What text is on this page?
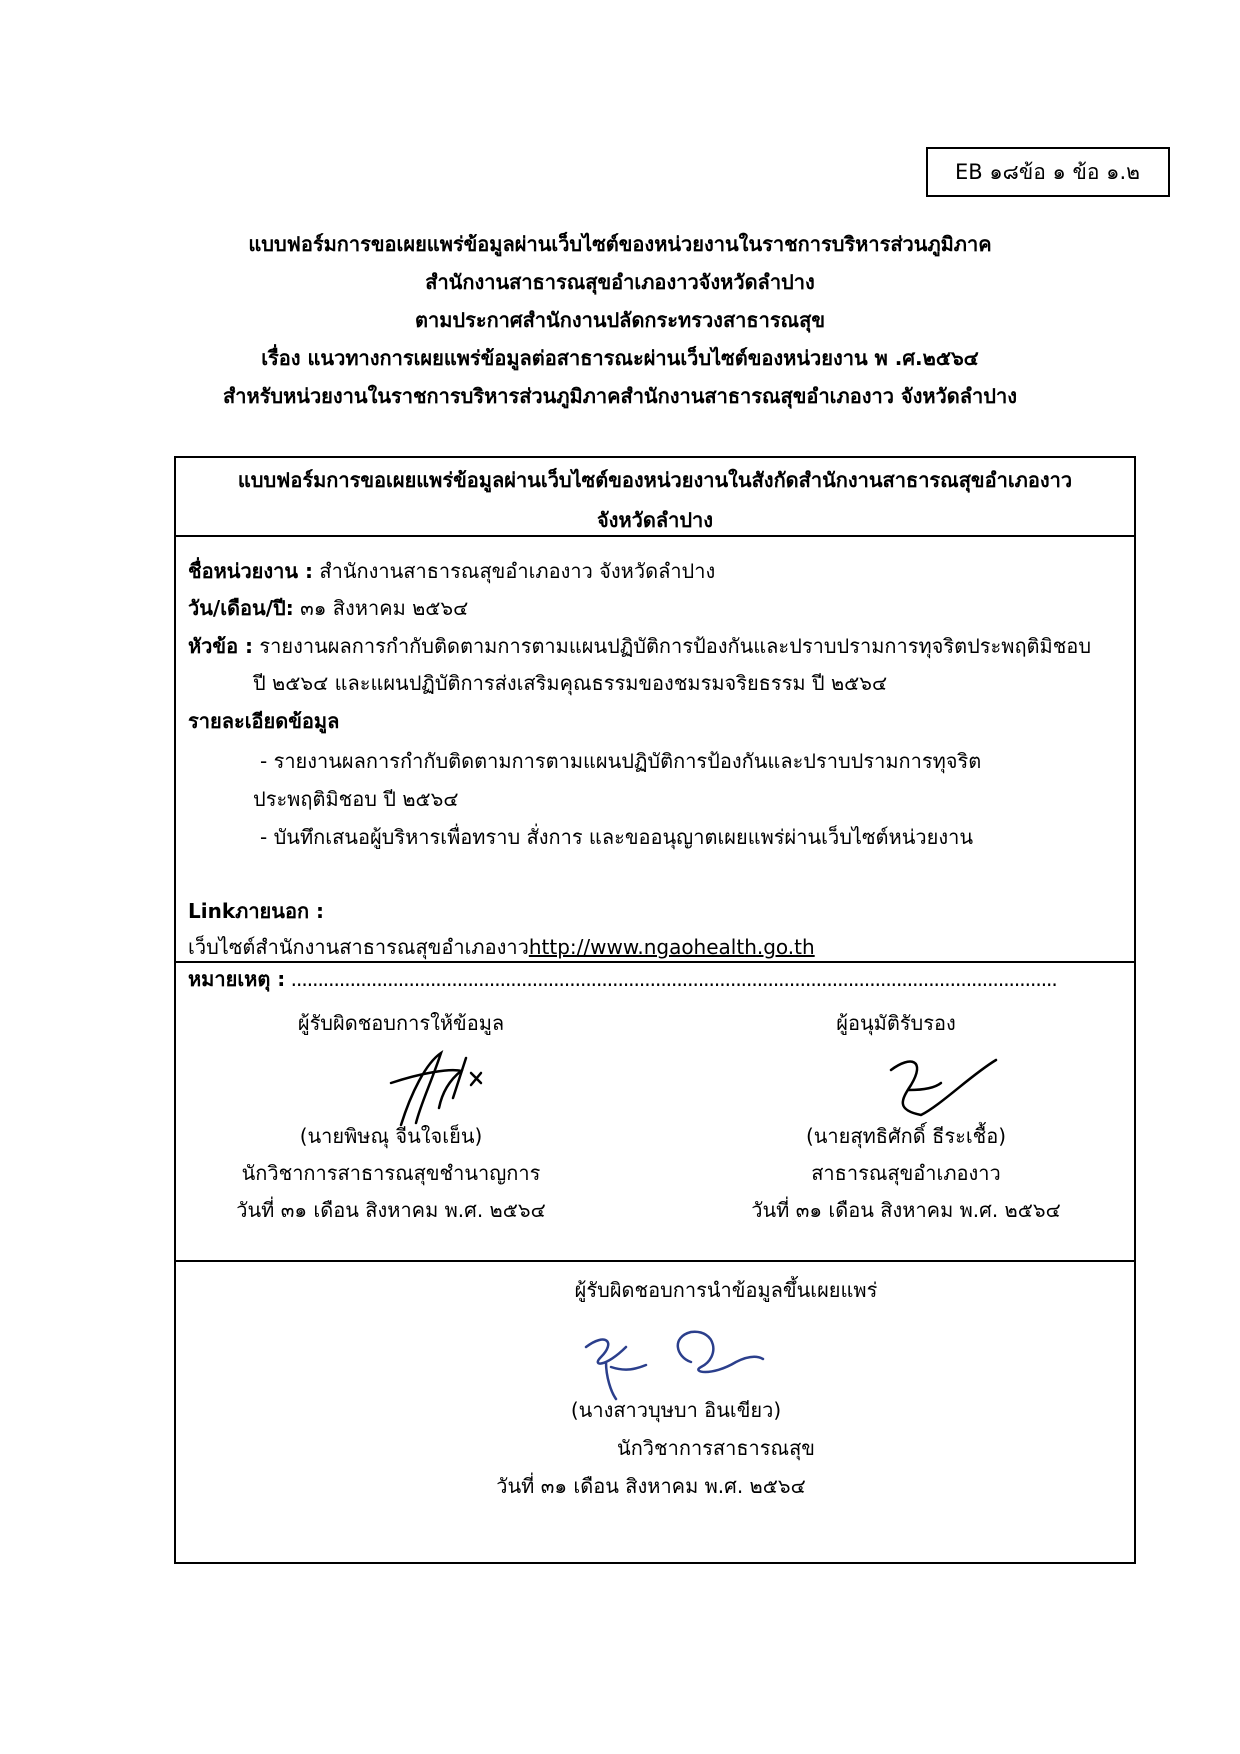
EB ๑๘ข้อ ๑ ข้อ ๑.๒
แบบฟอร์มการขอเผยแพร่ข้อมูลผ่านเว็บไซต์ของหน่วยงานในราชการบริหารส่วนภูมิภาค
สำนักงานสาธารณสุขอำเภองาวจังหวัดลำปาง
ตามประกาศสำนักงานปลัดกระทรวงสาธารณสุข
เรื่อง แนวทางการเผยแพร่ข้อมูลต่อสาธารณะผ่านเว็บไซต์ของหน่วยงาน พ .ศ.๒๕๖๔
สำหรับหน่วยงานในราชการบริหารส่วนภูมิภาคสำนักงานสาธารณสุขอำเภองาว จังหวัดลำปาง
แบบฟอร์มการขอเผยแพร่ข้อมูลผ่านเว็บไซต์ของหน่วยงานในสังกัดสำนักงานสาธารณสุขอำเภองาว
จังหวัดลำปาง
ชื่อหน่วยงาน : สำนักงานสาธารณสุขอำเภองาว จังหวัดลำปาง
วัน/เดือน/ปี: ๓๑ สิงหาคม ๒๕๖๔
หัวข้อ : รายงานผลการกำกับติดตามการตามแผนปฏิบัติการป้องกันและปราบปรามการทุจริตประพฤติมิชอบ
ปี ๒๕๖๔ และแผนปฏิบัติการส่งเสริมคุณธรรมของชมรมจริยธรรม ปี ๒๕๖๔
รายละเอียดข้อมูล
- รายงานผลการกำกับติดตามการตามแผนปฏิบัติการป้องกันและปราบปรามการทุจริต
ประพฤติมิชอบ ปี ๒๕๖๔
- บันทึกเสนอผู้บริหารเพื่อทราบ สั่งการ และขออนุญาตเผยแพร่ผ่านเว็บไซต์หน่วยงาน
Linkภายนอก :
เว็บไซต์สำนักงานสาธารณสุขอำเภองาวhttp://www.ngaohealth.go.th
หมายเหตุ : ...............................................................................................................................................
ผู้รับผิดชอบการให้ข้อมูล
(นายพิษณุ จีนใจเย็น)
นักวิชาการสาธารณสุขชำนาญการ
วันที่ ๓๑ เดือน สิงหาคม พ.ศ. ๒๕๖๔
ผู้อนุมัติรับรอง
(นายสุทธิศักดิ์ ธีระเชื้อ)
สาธารณสุขอำเภองาว
วันที่ ๓๑ เดือน สิงหาคม พ.ศ. ๒๕๖๔
ผู้รับผิดชอบการนำข้อมูลขึ้นเผยแพร่
(นางสาวบุษบา อินเขียว)
นักวิชาการสาธารณสุข
วันที่ ๓๑ เดือน สิงหาคม พ.ศ. ๒๕๖๔
